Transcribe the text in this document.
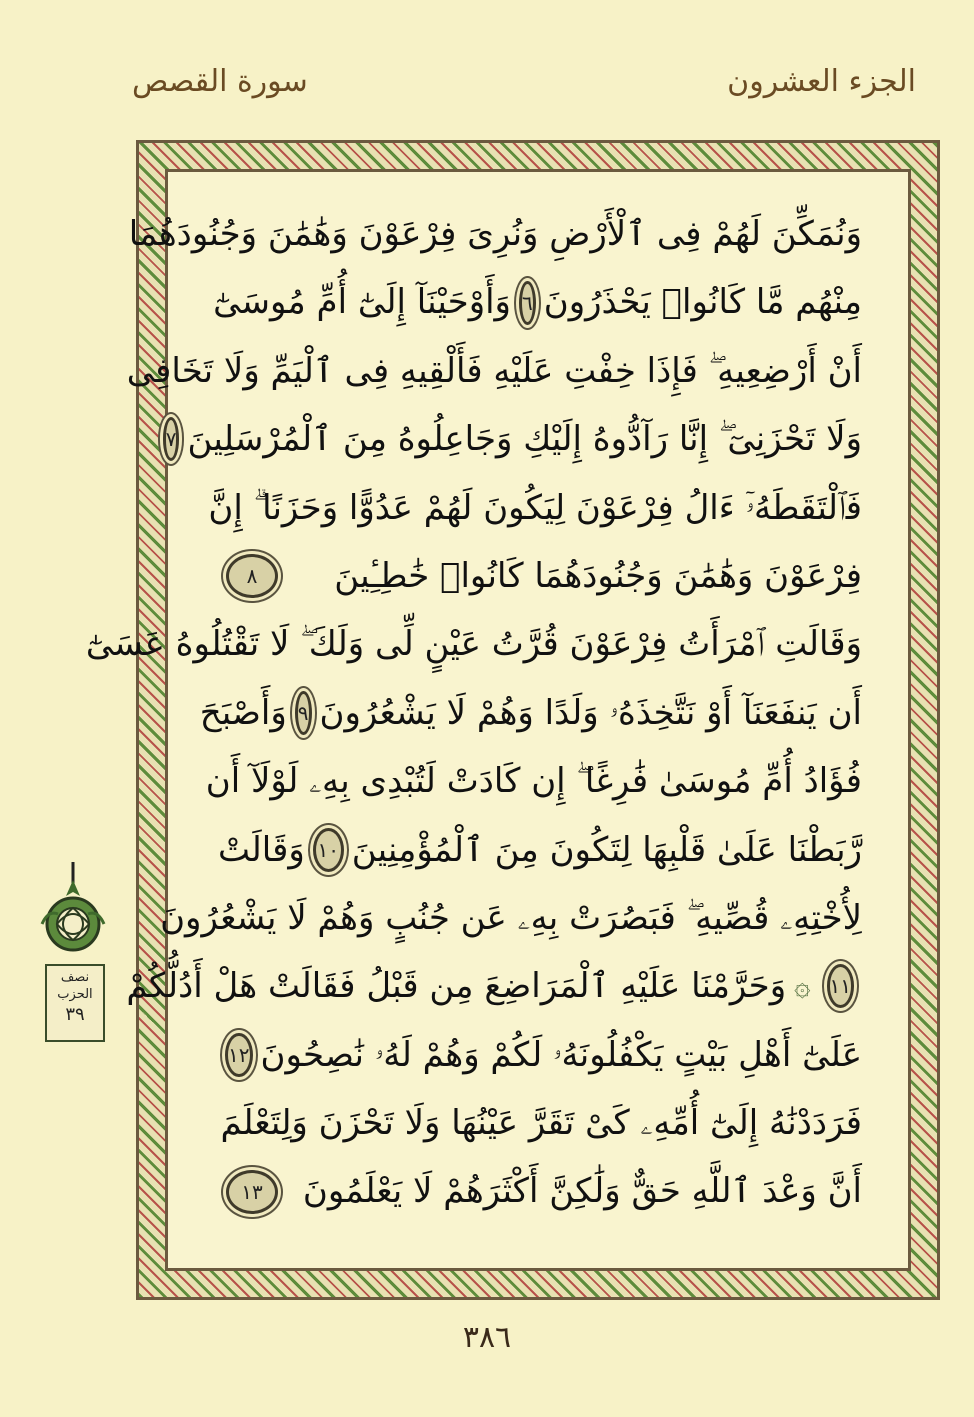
الجزء العشرون
سورة القصص
وَنُمَكِّنَ لَهُمْ فِى ٱلْأَرْضِ وَنُرِىَ فِرْعَوْنَ وَهَٰمَٰنَ وَجُنُودَهُمَا
مِنْهُم مَّا كَانُوا۟ يَحْذَرُونَ
٦
وَأَوْحَيْنَآ إِلَىٰٓ أُمِّ مُوسَىٰٓ
أَنْ أَرْضِعِيهِ ۖ فَإِذَا خِفْتِ عَلَيْهِ فَأَلْقِيهِ فِى ٱلْيَمِّ وَلَا تَخَافِى
وَلَا تَحْزَنِىٓ ۖ إِنَّا رَآدُّوهُ إِلَيْكِ وَجَاعِلُوهُ مِنَ ٱلْمُرْسَلِينَ
٧
فَٱلْتَقَطَهُۥٓ ءَالُ فِرْعَوْنَ لِيَكُونَ لَهُمْ عَدُوًّا وَحَزَنًا ۗ إِنَّ
فِرْعَوْنَ وَهَٰمَٰنَ وَجُنُودَهُمَا كَانُوا۟ خَٰطِـِٔينَ
٨
وَقَالَتِ ٱمْرَأَتُ فِرْعَوْنَ قُرَّتُ عَيْنٍ لِّى وَلَكَ ۖ لَا تَقْتُلُوهُ عَسَىٰٓ
أَن يَنفَعَنَآ أَوْ نَتَّخِذَهُۥ وَلَدًا وَهُمْ لَا يَشْعُرُونَ
٩
وَأَصْبَحَ
فُؤَادُ أُمِّ مُوسَىٰ فَٰرِغًا ۖ إِن كَادَتْ لَتُبْدِى بِهِۦ لَوْلَآ أَن
رَّبَطْنَا عَلَىٰ قَلْبِهَا لِتَكُونَ مِنَ ٱلْمُؤْمِنِينَ
١٠
وَقَالَتْ
لِأُخْتِهِۦ قُصِّيهِ ۖ فَبَصُرَتْ بِهِۦ عَن جُنُبٍ وَهُمْ لَا يَشْعُرُونَ
١١
۞
وَحَرَّمْنَا عَلَيْهِ ٱلْمَرَاضِعَ مِن قَبْلُ فَقَالَتْ هَلْ أَدُلُّكُمْ
عَلَىٰٓ أَهْلِ بَيْتٍ يَكْفُلُونَهُۥ لَكُمْ وَهُمْ لَهُۥ نَٰصِحُونَ
١٢
فَرَدَدْنَٰهُ إِلَىٰٓ أُمِّهِۦ كَىْ تَقَرَّ عَيْنُهَا وَلَا تَحْزَنَ وَلِتَعْلَمَ
أَنَّ وَعْدَ ٱللَّهِ حَقٌّ وَلَٰكِنَّ أَكْثَرَهُمْ لَا يَعْلَمُونَ
١٣
نصف
الحزب
٣٩
٣٨٦
